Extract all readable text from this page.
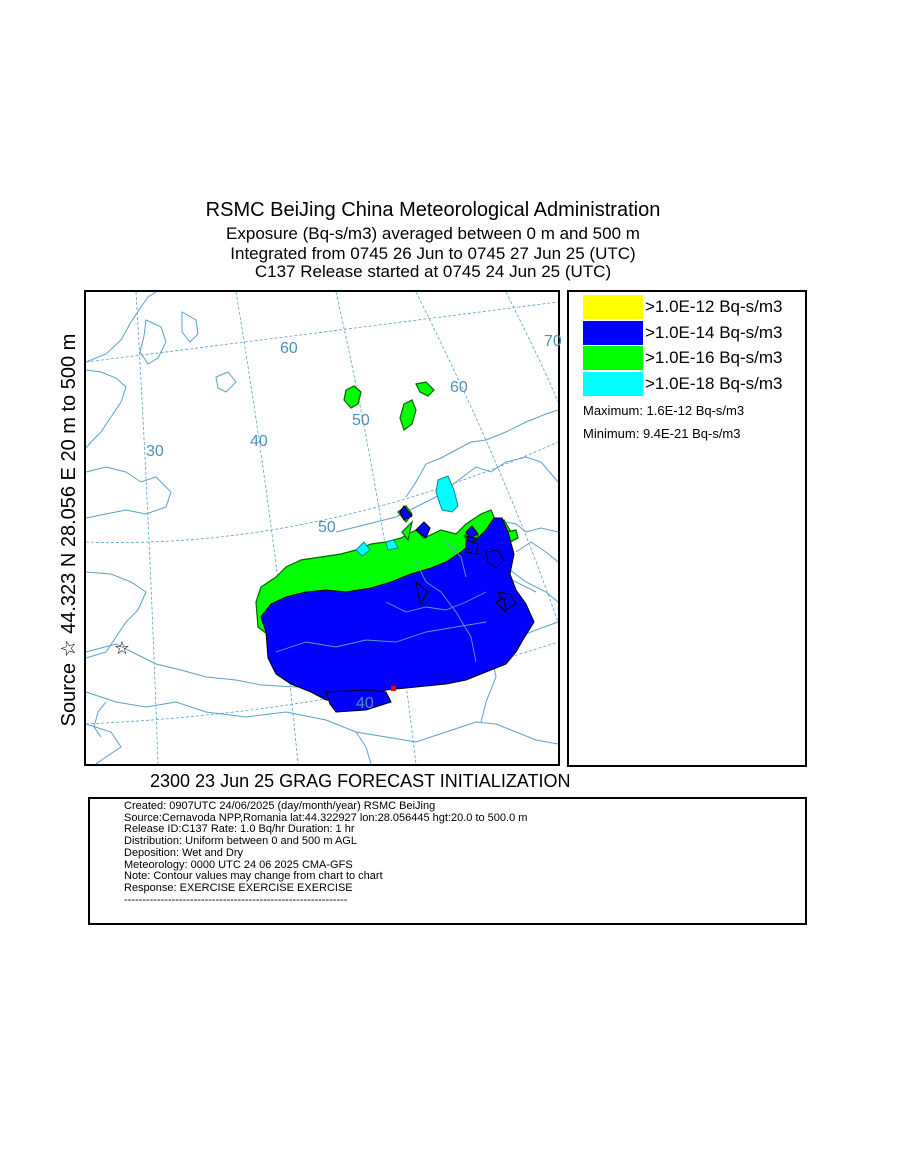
RSMC BeiJing China Meteorological Administration
Exposure (Bq-s/m3) averaged between 0 m and 500 m
Integrated from 0745 26 Jun to 0745 27 Jun 25 (UTC)
C137 Release started at 0745 24 Jun 25 (UTC)
Source ☆ 44.323 N 28.056 E 20 m to 500 m ☆
60
50
40
30
70
60
50
40
>1.0E-12 Bq-s/m3
>1.0E-14 Bq-s/m3
>1.0E-16 Bq-s/m3
>1.0E-18 Bq-s/m3
Maximum: 1.6E-12 Bq-s/m3
Minimum: 9.4E-21 Bq-s/m3
2300 23 Jun 25 GRAG FORECAST INITIALIZATION
Created: 0907UTC 24/06/2025 (day/month/year) RSMC BeiJing
Source:Cernavoda NPP,Romania lat:44.322927 lon:28.056445 hgt:20.0 to 500.0 m
Release ID:C137 Rate: 1.0 Bq/hr Duration: 1 hr
Distribution: Uniform between 0 and 500 m AGL
Deposition: Wet and Dry
Meteorology: 0000 UTC 24 06 2025 CMA-GFS
Note: Contour values may change from chart to chart
Response: EXERCISE EXERCISE EXERCISE
-------------------------------------------------------------
